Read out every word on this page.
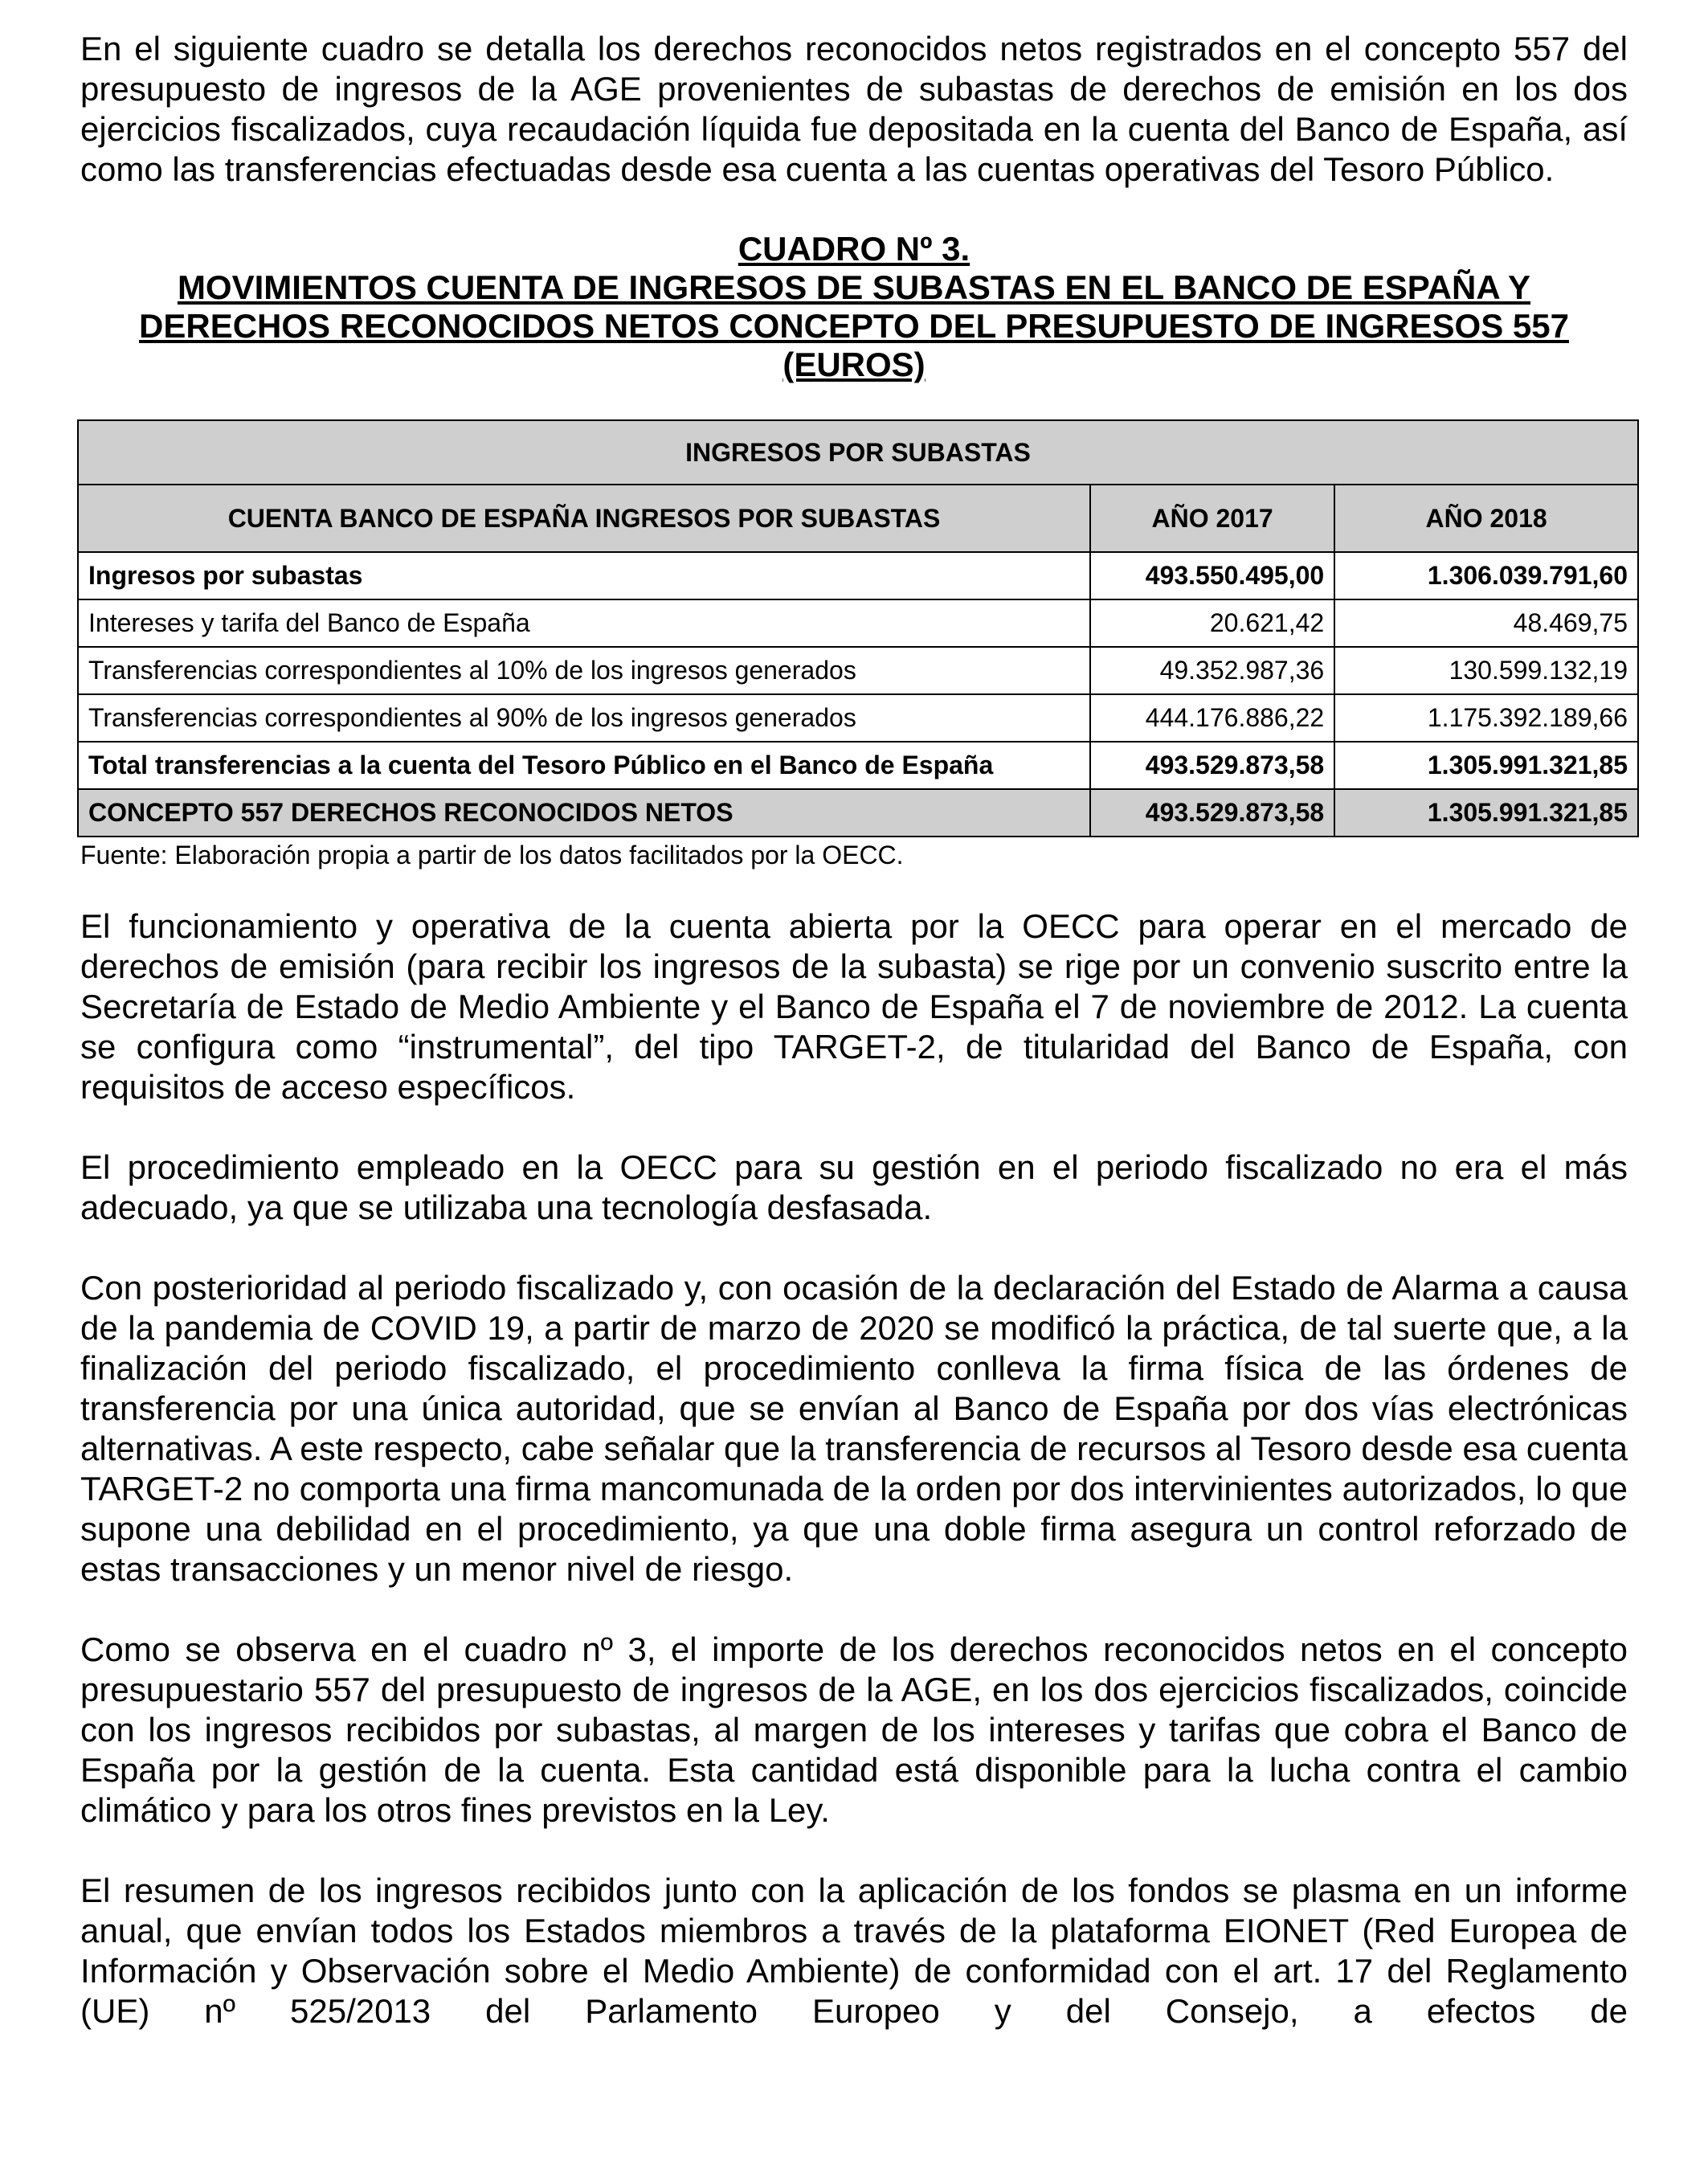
En el siguiente cuadro se detalla los derechos reconocidos netos registrados en el concepto 557 del presupuesto de ingresos de la AGE provenientes de subastas de derechos de emisión en los dos ejercicios fiscalizados, cuya recaudación líquida fue depositada en la cuenta del Banco de España, así como las transferencias efectuadas desde esa cuenta a las cuentas operativas del Tesoro Público.

CUADRO Nº 3.

MOVIMIENTOS CUENTA DE INGRESOS DE SUBASTAS EN EL BANCO DE ESPAÑA Y

DERECHOS RECONOCIDOS NETOS CONCEPTO DEL PRESUPUESTO DE INGRESOS 557

(EUROS)

INGRESOS POR SUBASTAS		
CUENTA BANCO DE ESPAÑA INGRESOS POR SUBASTAS	AÑO 2017	AÑO 2018
Ingresos por subastas	493.550.495,00	1.306.039.791,60
Intereses y tarifa del Banco de España	20.621,42	48.469,75
Transferencias correspondientes al 10% de los ingresos generados	49.352.987,36	130.599.132,19
Transferencias correspondientes al 90% de los ingresos generados	444.176.886,22	1.175.392.189,66
Total transferencias a la cuenta del Tesoro Público en el Banco de España	493.529.873,58	1.305.991.321,85
CONCEPTO 557 DERECHOS RECONOCIDOS NETOS	493.529.873,58	1.305.991.321,85

Fuente: Elaboración propia a partir de los datos facilitados por la OECC.

El funcionamiento y operativa de la cuenta abierta por la OECC para operar en el mercado de derechos de emisión (para recibir los ingresos de la subasta) se rige por un convenio suscrito entre la Secretaría de Estado de Medio Ambiente y el Banco de España el 7 de noviembre de 2012. La cuenta se configura como “instrumental”, del tipo TARGET-2, de titularidad del Banco de España, con requisitos de acceso específicos.

El procedimiento empleado en la OECC para su gestión en el periodo fiscalizado no era el más adecuado, ya que se utilizaba una tecnología desfasada.

Con posterioridad al periodo fiscalizado y, con ocasión de la declaración del Estado de Alarma a causa de la pandemia de COVID 19, a partir de marzo de 2020 se modificó la práctica, de tal suerte que, a la finalización del periodo fiscalizado, el procedimiento conlleva la firma física de las órdenes de transferencia por una única autoridad, que se envían al Banco de España por dos vías electrónicas alternativas. A este respecto, cabe señalar que la transferencia de recursos al Tesoro desde esa cuenta TARGET-2 no comporta una firma mancomunada de la orden por dos intervinientes autorizados, lo que supone una debilidad en el procedimiento, ya que una doble firma asegura un control reforzado de estas transacciones y un menor nivel de riesgo.

Como se observa en el cuadro nº 3, el importe de los derechos reconocidos netos en el concepto presupuestario 557 del presupuesto de ingresos de la AGE, en los dos ejercicios fiscalizados, coincide con los ingresos recibidos por subastas, al margen de los intereses y tarifas que cobra el Banco de España por la gestión de la cuenta. Esta cantidad está disponible para la lucha contra el cambio climático y para los otros fines previstos en la Ley.

El resumen de los ingresos recibidos junto con la aplicación de los fondos se plasma en un informe anual, que envían todos los Estados miembros a través de la plataforma EIONET (Red Europea de Información y Observación sobre el Medio Ambiente) de conformidad con el art. 17 del Reglamento (UE) nº 525/2013 del Parlamento Europeo y del Consejo, a efectos de
